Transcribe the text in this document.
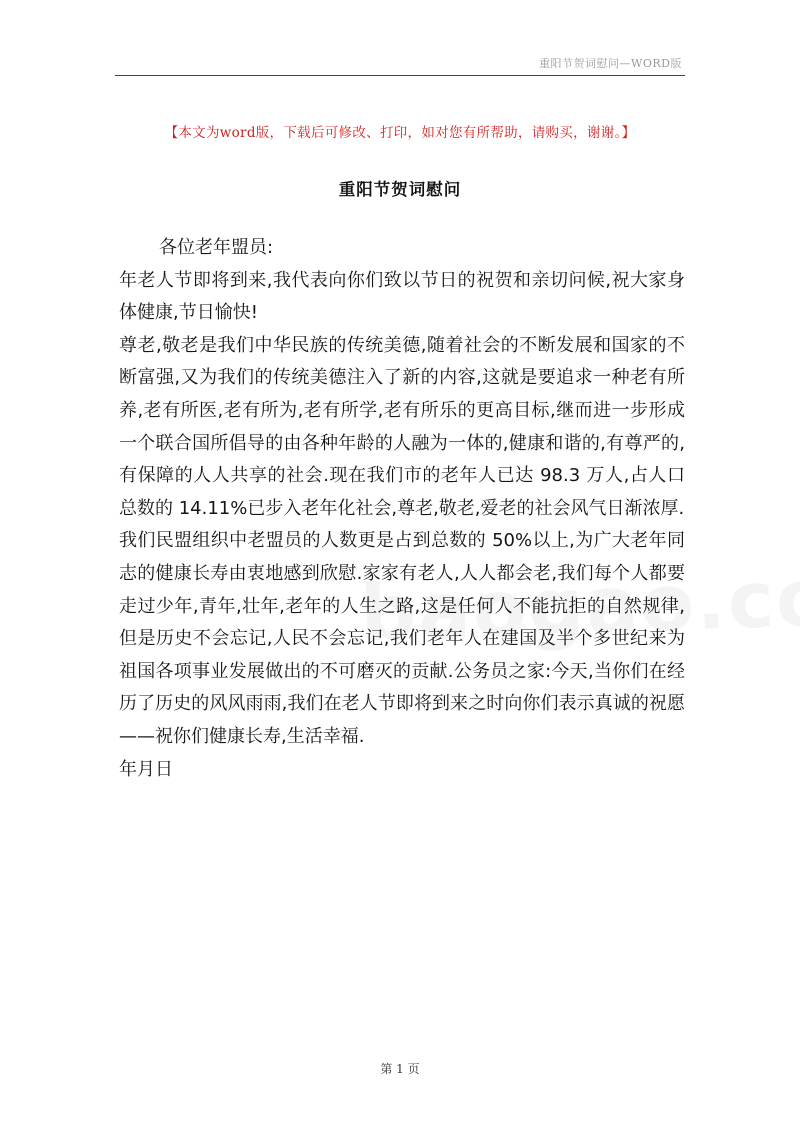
重阳节贺词慰问—WORD版
【本文为word版，下载后可修改、打印，如对您有所帮助，请购买，谢谢。】
重阳节贺词慰问

各位老年盟员:

年老人节即将到来,我代表向你们致以节日的祝贺和亲切问候,祝大家身体健康,节日愉快!

尊老,敬老是我们中华民族的传统美德,随着社会的不断发展和国家的不断富强,又为我们的传统美德注入了新的内容,这就是要追求一种老有所养,老有所医,老有所为,老有所学,老有所乐的更高目标,继而进一步形成一个联合国所倡导的由各种年龄的人融为一体的,健康和谐的,有尊严的,有保障的人人共享的社会.现在我们市的老年人已达 98.3 万人,占人口总数的 14.11%已步入老年化社会,尊老,敬老,爱老的社会风气日渐浓厚.

我们民盟组织中老盟员的人数更是占到总数的 50%以上,为广大老年同志的健康长寿由衷地感到欣慰.家家有老人,人人都会老,我们每个人都要走过少年,青年,壮年,老年的人生之路,这是任何人不能抗拒的自然规律,但是历史不会忘记,人民不会忘记,我们老年人在建国及半个多世纪来为祖国各项事业发展做出的不可磨灭的贡献.公务员之家:今天,当你们在经历了历史的风风雨雨,我们在老人节即将到来之时向你们表示真诚的祝愿——祝你们健康长寿,生活幸福.

年月日

第 1 页
